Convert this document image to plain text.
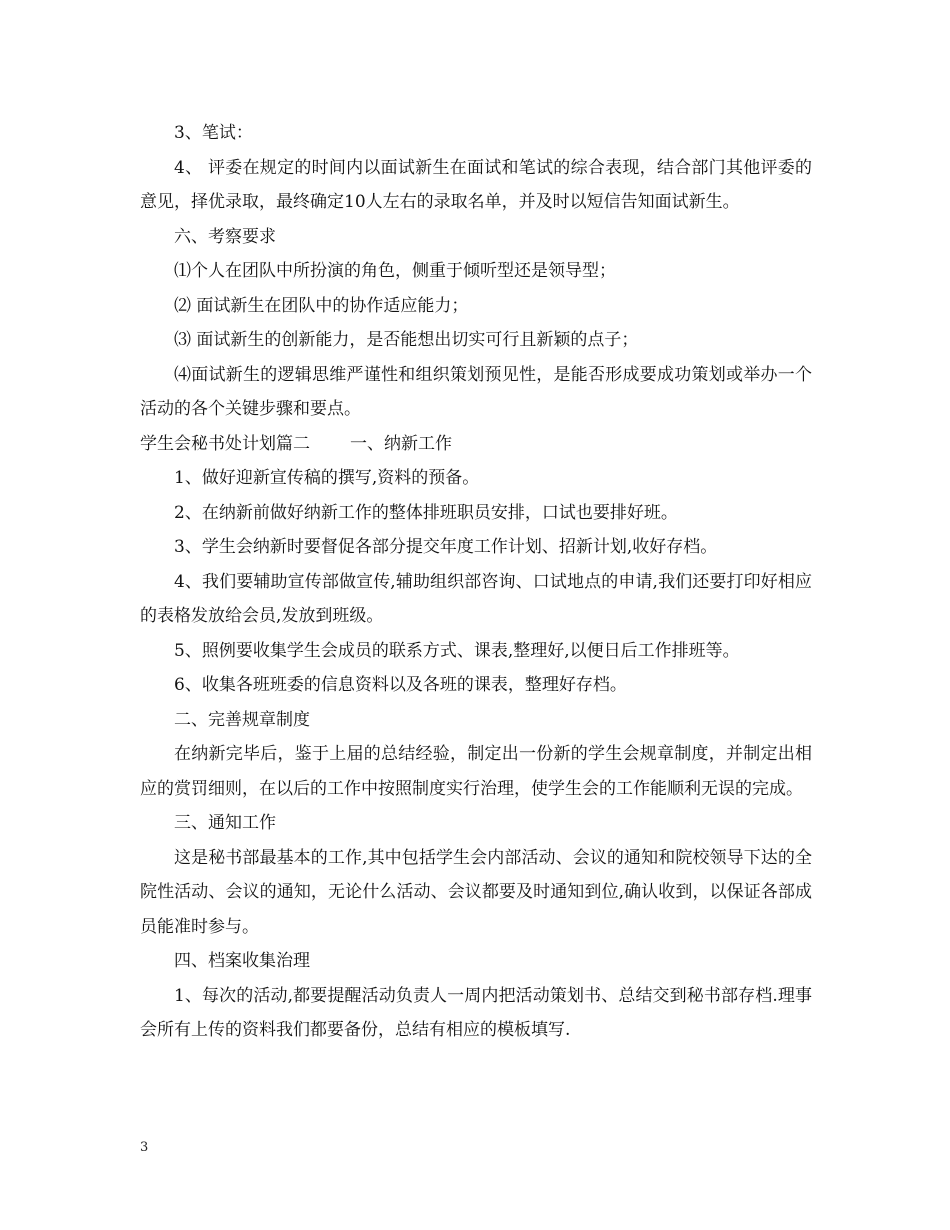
3、笔试：

4、 评委在规定的时间内以面试新生在面试和笔试的综合表现，结合部门其他评委的意见，择优录取，最终确定10人左右的录取名单，并及时以短信告知面试新生。

六、考察要求

⑴个人在团队中所扮演的角色，侧重于倾听型还是领导型；

⑵ 面试新生在团队中的协作适应能力；

⑶ 面试新生的创新能力，是否能想出切实可行且新颖的点子；

⑷面试新生的逻辑思维严谨性和组织策划预见性，是能否形成要成功策划或举办一个活动的各个关键步骤和要点。

学生会秘书处计划篇二 一、纳新工作

1、做好迎新宣传稿的撰写,资料的预备。

2、在纳新前做好纳新工作的整体排班职员安排，口试也要排好班。

3、学生会纳新时要督促各部分提交年度工作计划、招新计划,收好存档。

4、我们要辅助宣传部做宣传,辅助组织部咨询、口试地点的申请,我们还要打印好相应的表格发放给会员,发放到班级。

5、照例要收集学生会成员的联系方式、课表,整理好,以便日后工作排班等。

6、收集各班班委的信息资料以及各班的课表，整理好存档。

二、完善规章制度

在纳新完毕后，鉴于上届的总结经验，制定出一份新的学生会规章制度，并制定出相应的赏罚细则，在以后的工作中按照制度实行治理，使学生会的工作能顺利无误的完成。

三、通知工作

这是秘书部最基本的工作,其中包括学生会内部活动、会议的通知和院校领导下达的全院性活动、会议的通知，无论什么活动、会议都要及时通知到位,确认收到，以保证各部成员能准时参与。

四、档案收集治理

1、每次的活动,都要提醒活动负责人一周内把活动策划书、总结交到秘书部存档.理事会所有上传的资料我们都要备份，总结有相应的模板填写.

3
